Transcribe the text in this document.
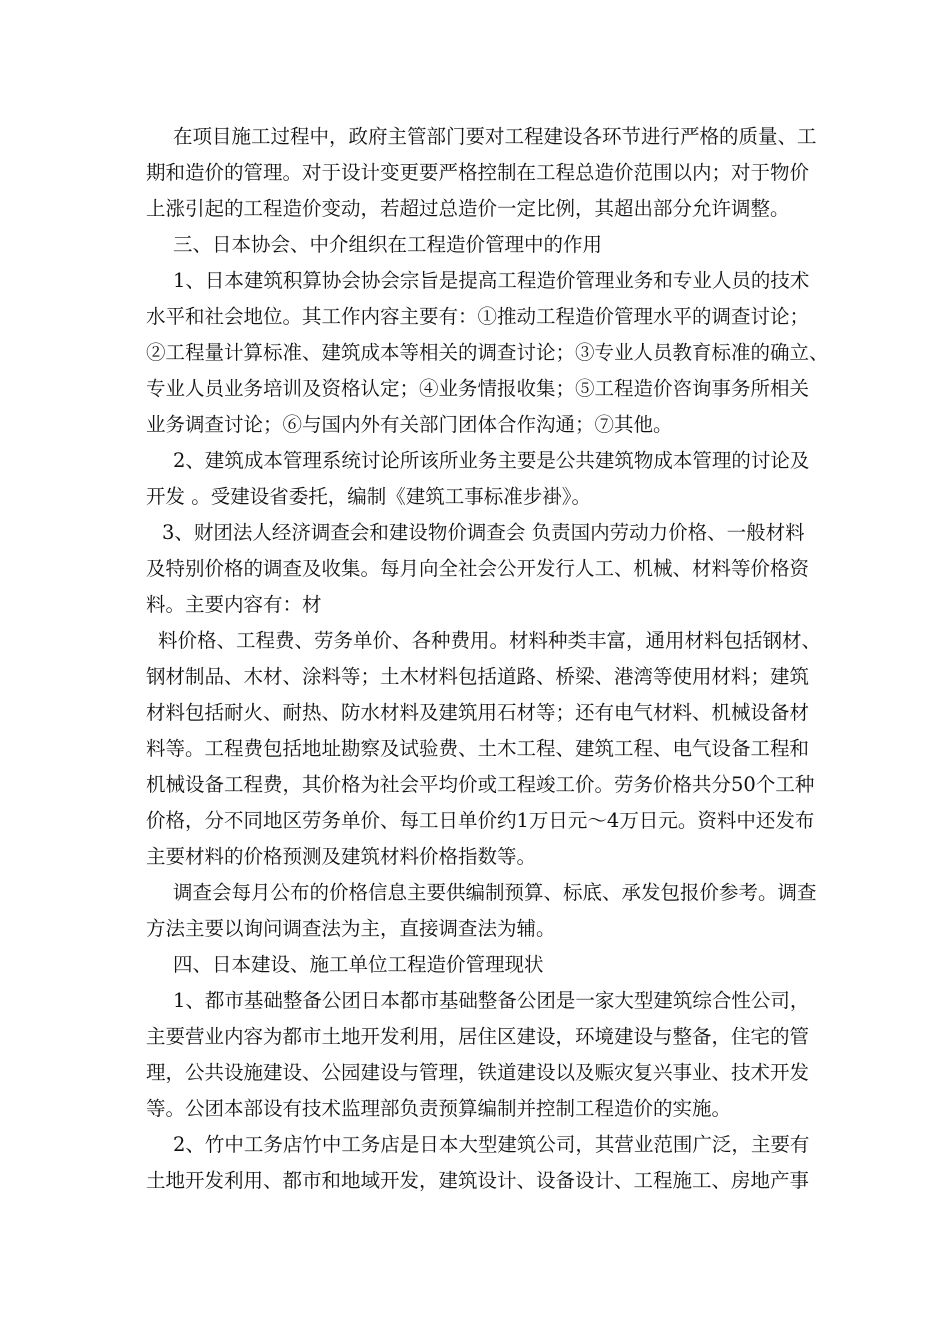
在项目施工过程中，政府主管部门要对工程建设各环节进行严格的质量、工

期和造价的管理。对于设计变更要严格控制在工程总造价范围以内；对于物价

上涨引起的工程造价变动，若超过总造价一定比例，其超出部分允许调整。

三、日本协会、中介组织在工程造价管理中的作用

1、日本建筑积算协会协会宗旨是提高工程造价管理业务和专业人员的技术

水平和社会地位。其工作内容主要有：①推动工程造价管理水平的调查讨论；

②工程量计算标准、建筑成本等相关的调查讨论；③专业人员教育标准的确立、

专业人员业务培训及资格认定；④业务情报收集；⑤工程造价咨询事务所相关

业务调查讨论；⑥与国内外有关部门团体合作沟通；⑦其他。

2、建筑成本管理系统讨论所该所业务主要是公共建筑物成本管理的讨论及

开发 。受建设省委托，编制《建筑工事标准步褂》。

3、财团法人经济调查会和建设物价调查会 负责国内劳动力价格、一般材料

及特别价格的调查及收集。每月向全社会公开发行人工、机械、材料等价格资

料。主要内容有：材

料价格、工程费、劳务单价、各种费用。材料种类丰富，通用材料包括钢材、

钢材制品、木材、涂料等；土木材料包括道路、桥梁、港湾等使用材料；建筑

材料包括耐火、耐热、防水材料及建筑用石材等；还有电气材料、机械设备材

料等。工程费包括地址勘察及试验费、土木工程、建筑工程、电气设备工程和

机械设备工程费，其价格为社会平均价或工程竣工价。劳务价格共分50个工种

价格，分不同地区劳务单价、每工日单价约1万日元～4万日元。资料中还发布

主要材料的价格预测及建筑材料价格指数等。

调查会每月公布的价格信息主要供编制预算、标底、承发包报价参考。调查

方法主要以询问调查法为主，直接调查法为辅。

四、日本建设、施工单位工程造价管理现状

1、都市基础整备公团日本都市基础整备公团是一家大型建筑综合性公司，

主要营业内容为都市土地开发利用，居住区建设，环境建设与整备，住宅的管

理，公共设施建设、公园建设与管理，铁道建设以及赈灾复兴事业、技术开发

等。公团本部设有技术监理部负责预算编制并控制工程造价的实施。

2、竹中工务店竹中工务店是日本大型建筑公司，其营业范围广泛，主要有

土地开发利用、都市和地域开发，建筑设计、设备设计、工程施工、房地产事
